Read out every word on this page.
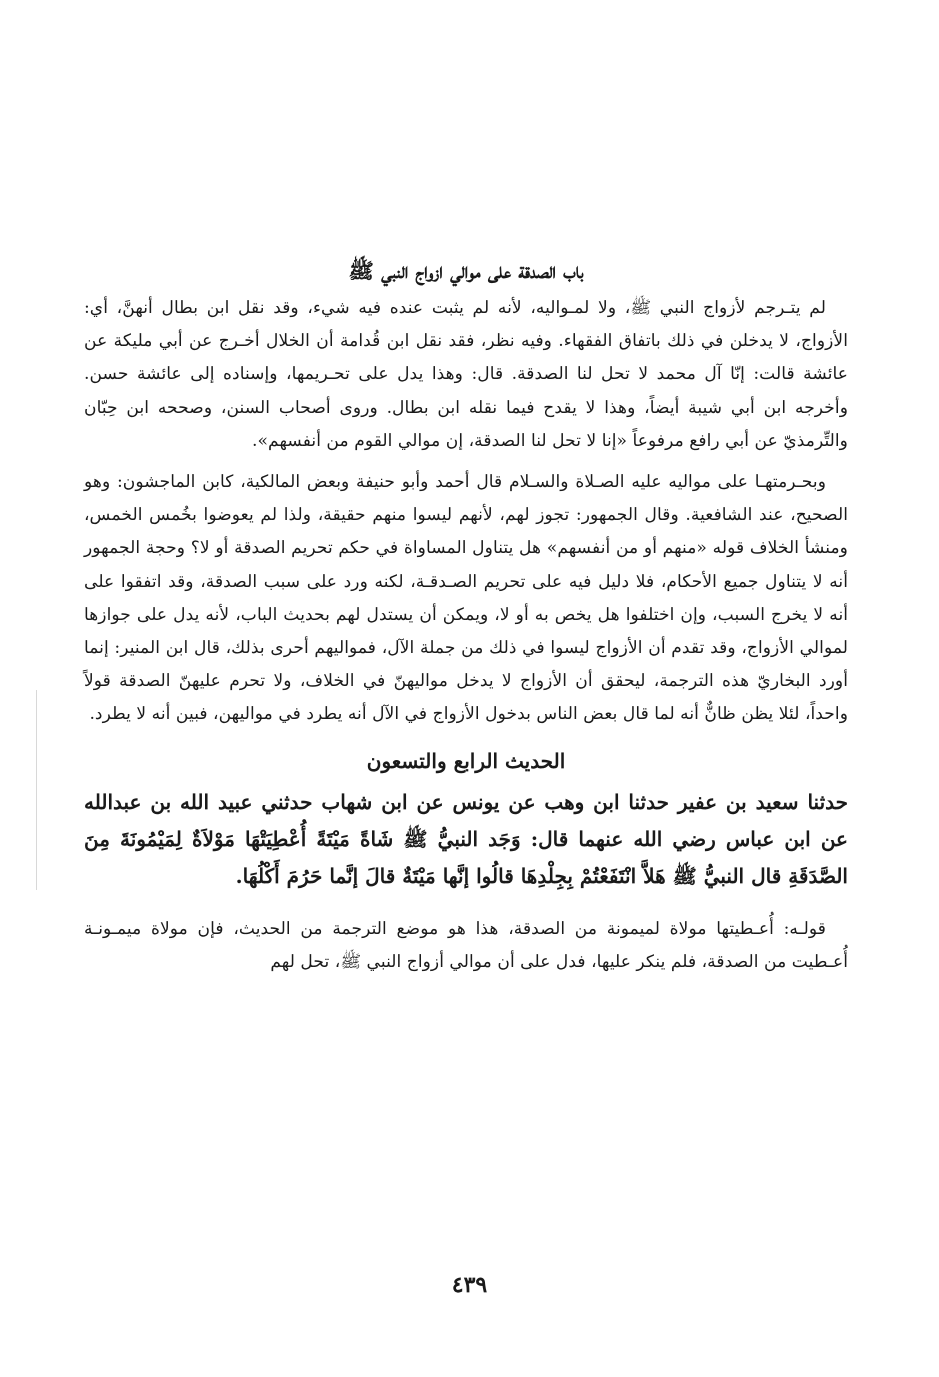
باب الصدقة على موالي ازواج النبي ﷺ

لم يتـرجم لأزواج النبي ﷺ، ولا لمـواليه، لأنه لم يثبت عنده فيه شيء، وقد نقل ابن بطال أنهنَّ، أي: الأزواج، لا يدخلن في ذلك باتفاق الفقهاء. وفيه نظر، فقد نقل ابن قُدامة أن الخلال أخـرج عن أبي مليكة عن عائشة قالت: إنّا آل محمد لا تحل لنا الصدقة. قال: وهذا يدل على تحـريمها، وإسناده إلى عائشة حسن. وأخرجه ابن أبي شيبة أيضاً، وهذا لا يقدح فيما نقله ابن بطال. وروى أصحاب السنن، وصححه ابن حِبّان والتِّرمذيّ عن أبي رافع مرفوعاً «إنا لا تحل لنا الصدقة، إن موالي القوم من أنفسهم».

وبحـرمتهـا على مواليه عليه الصـلاة والسـلام قال أحمد وأبو حنيفة وبعض المالكية، كابن الماجشون: وهو الصحيح، عند الشافعية. وقال الجمهور: تجوز لهم، لأنهم ليسوا منهم حقيقة، ولذا لم يعوضوا بخُمس الخمس، ومنشأ الخلاف قوله «منهم أو من أنفسهم» هل يتناول المساواة في حكم تحريم الصدقة أو لا؟ وحجة الجمهور أنه لا يتناول جميع الأحكام، فلا دليل فيه على تحريم الصـدقـة، لكنه ورد على سبب الصدقة، وقد اتفقوا على أنه لا يخرج السبب، وإن اختلفوا هل يخص به أو لا، ويمكن أن يستدل لهم بحديث الباب، لأنه يدل على جوازها لموالي الأزواج، وقد تقدم أن الأزواج ليسوا في ذلك من جملة الآل، فمواليهم أحرى بذلك، قال ابن المنير: إنما أورد البخاريّ هذه الترجمة، ليحقق أن الأزواج لا يدخل مواليهنّ في الخلاف، ولا تحرم عليهنّ الصدقة قولاً واحداً، لئلا يظن ظانٌّ أنه لما قال بعض الناس بدخول الأزواج في الآل أنه يطرد في مواليهن، فبين أنه لا يطرد.

الحديث الرابع والتسعون

حدثنا سعيد بن عفير حدثنا ابن وهب عن يونس عن ابن شهاب حدثني عبيد الله بن عبدالله عن ابن عباس رضي الله عنهما قال: وَجَد النبيُّ ﷺ شَاةً مَيْتَةً أُعْطِيَتْهَا مَوْلاَةٌ لِمَيْمُونَةَ مِنَ الصَّدَقَةِ قال النبيُّ ﷺ هَلاَّ انْتَفَعْتُمْ بِجِلْدِهَا قالُوا إنَّها مَيْتَةٌ قالَ إنَّما حَرُمَ أَكْلُهَا.

قولـه: أُعـطيتها مولاة لميمونة من الصدقة، هذا هو موضع الترجمة من الحديث، فإن مولاة ميمـونـة أُعـطيت من الصدقة، فلم ينكر عليها، فدل على أن موالي أزواج النبي ﷺ، تحل لهم

٤٣٩
